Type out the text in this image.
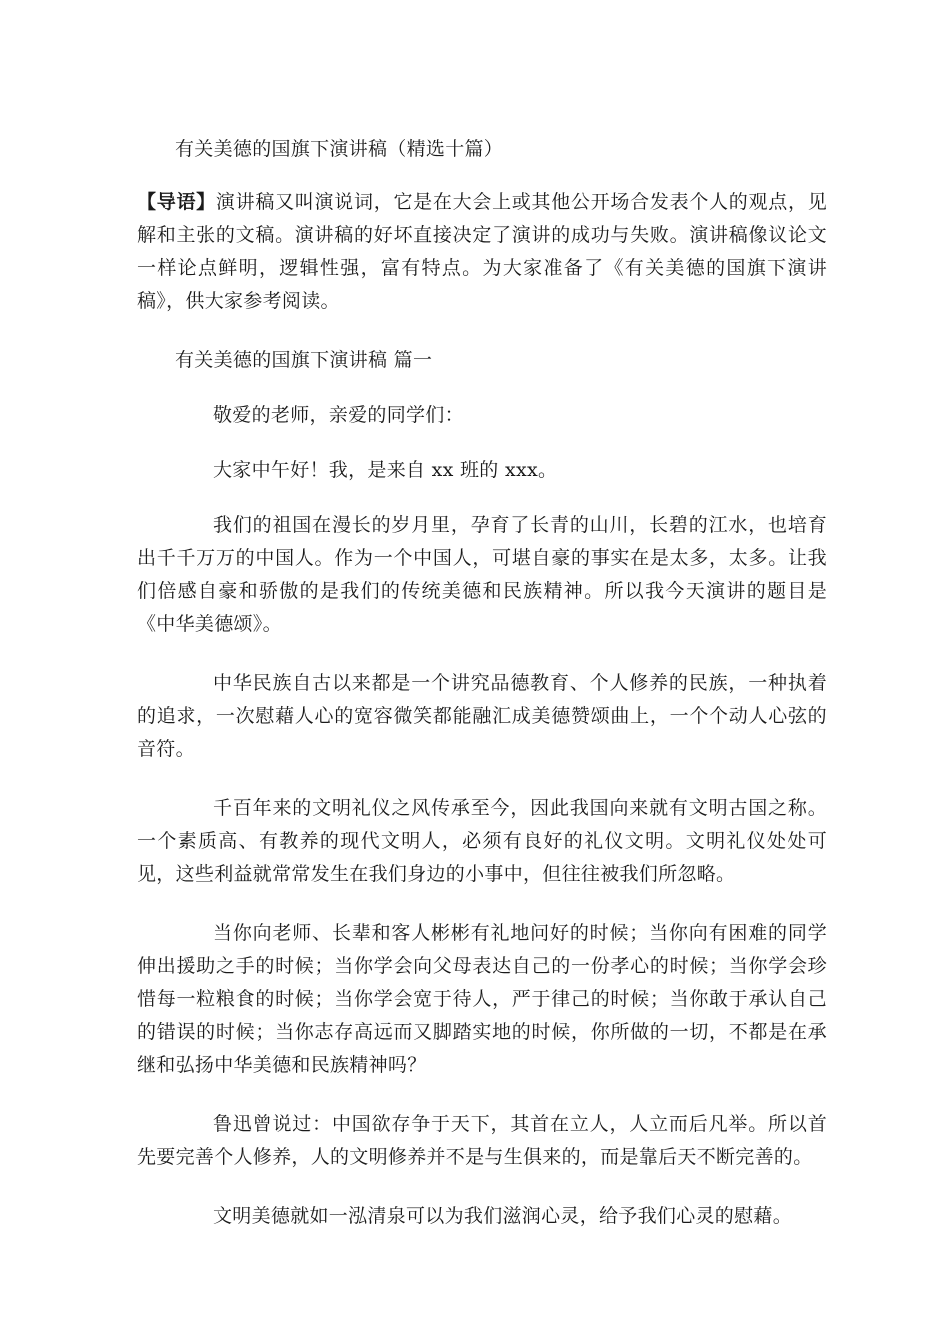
有关美德的国旗下演讲稿（精选十篇）

【导语】演讲稿又叫演说词，它是在大会上或其他公开场合发表个人的观点，见解和主张的文稿。演讲稿的好坏直接决定了演讲的成功与失败。演讲稿像议论文一样论点鲜明，逻辑性强，富有特点。为大家准备了《有关美德的国旗下演讲稿》，供大家参考阅读。

有关美德的国旗下演讲稿 篇一

敬爱的老师，亲爱的同学们：

大家中午好！我，是来自 xx 班的 xxx。

我们的祖国在漫长的岁月里，孕育了长青的山川，长碧的江水，也培育出千千万万的中国人。作为一个中国人，可堪自豪的事实在是太多，太多。让我们倍感自豪和骄傲的是我们的传统美德和民族精神。所以我今天演讲的题目是《中华美德颂》。

中华民族自古以来都是一个讲究品德教育、个人修养的民族，一种执着的追求，一次慰藉人心的宽容微笑都能融汇成美德赞颂曲上，一个个动人心弦的音符。

千百年来的文明礼仪之风传承至今，因此我国向来就有文明古国之称。一个素质高、有教养的现代文明人，必须有良好的礼仪文明。文明礼仪处处可见，这些利益就常常发生在我们身边的小事中，但往往被我们所忽略。

当你向老师、长辈和客人彬彬有礼地问好的时候；当你向有困难的同学伸出援助之手的时候；当你学会向父母表达自己的一份孝心的时候；当你学会珍惜每一粒粮食的时候；当你学会宽于待人，严于律己的时候；当你敢于承认自己的错误的时候；当你志存高远而又脚踏实地的时候，你所做的一切，不都是在承继和弘扬中华美德和民族精神吗？

鲁迅曾说过：中国欲存争于天下，其首在立人，人立而后凡举。所以首先要完善个人修养，人的文明修养并不是与生俱来的，而是靠后天不断完善的。

文明美德就如一泓清泉可以为我们滋润心灵，给予我们心灵的慰藉。
